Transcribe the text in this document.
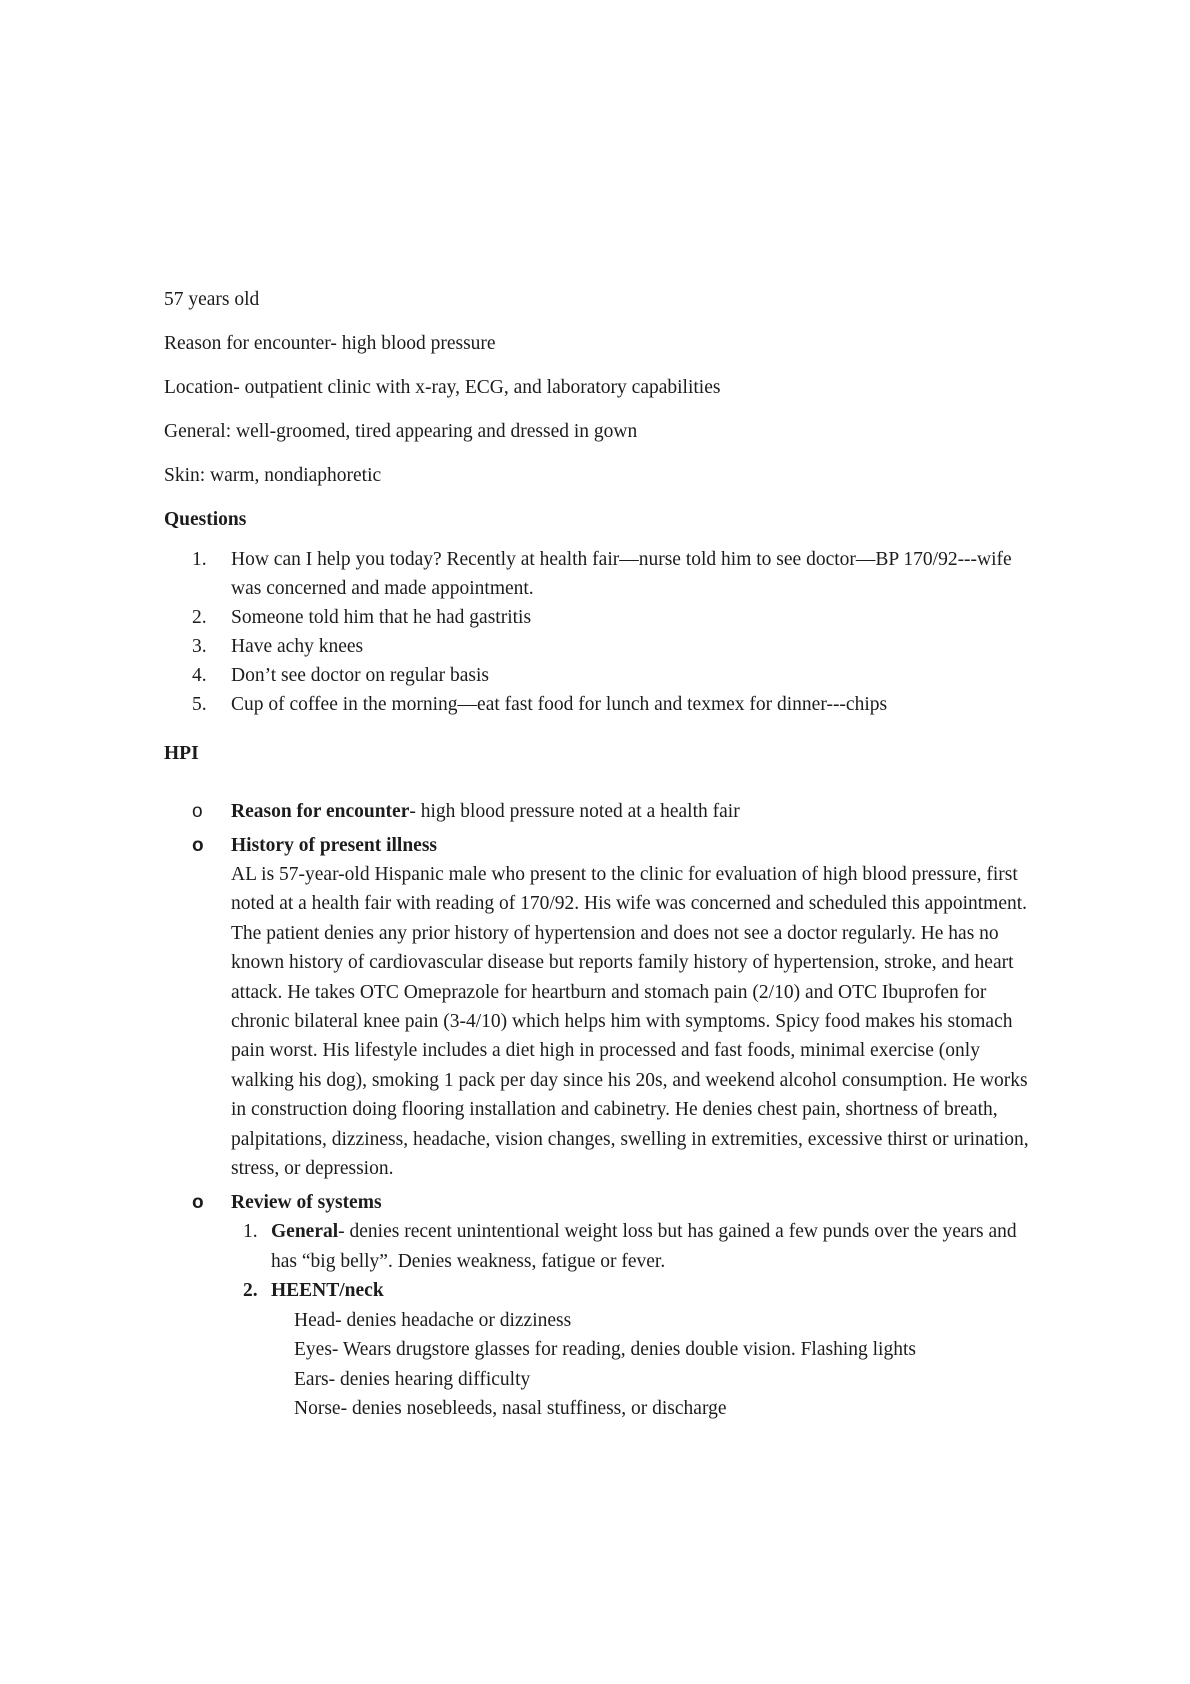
57 years old

Reason for encounter- high blood pressure

Location- outpatient clinic with x-ray, ECG, and laboratory capabilities

General: well-groomed, tired appearing and dressed in gown

Skin: warm, nondiaphoretic

Questions

1. How can I help you today? Recently at health fair—nurse told him to see doctor—BP 170/92---wife was concerned and made appointment.
2. Someone told him that he had gastritis
3. Have achy knees
4. Don’t see doctor on regular basis
5. Cup of coffee in the morning—eat fast food for lunch and texmex for dinner---chips

HPI

o Reason for encounter- high blood pressure noted at a health fair
o History of present illness

AL is 57-year-old Hispanic male who present to the clinic for evaluation of high blood pressure, first noted at a health fair with reading of 170/92. His wife was concerned and scheduled this appointment. The patient denies any prior history of hypertension and does not see a doctor regularly. He has no known history of cardiovascular disease but reports family history of hypertension, stroke, and heart attack. He takes OTC Omeprazole for heartburn and stomach pain (2/10) and OTC Ibuprofen for chronic bilateral knee pain (3-4/10) which helps him with symptoms. Spicy food makes his stomach pain worst. His lifestyle includes a diet high in processed and fast foods, minimal exercise (only walking his dog), smoking 1 pack per day since his 20s, and weekend alcohol consumption. He works in construction doing flooring installation and cabinetry. He denies chest pain, shortness of breath, palpitations, dizziness, headache, vision changes, swelling in extremities, excessive thirst or urination, stress, or depression.

o Review of systems
1. General- denies recent unintentional weight loss but has gained a few punds over the years and has “big belly”. Denies weakness, fatigue or fever.
2. HEENT/neck

Head- denies headache or dizziness

Eyes- Wears drugstore glasses for reading, denies double vision. Flashing lights

Ears- denies hearing difficulty

Norse- denies nosebleeds, nasal stuffiness, or discharge
